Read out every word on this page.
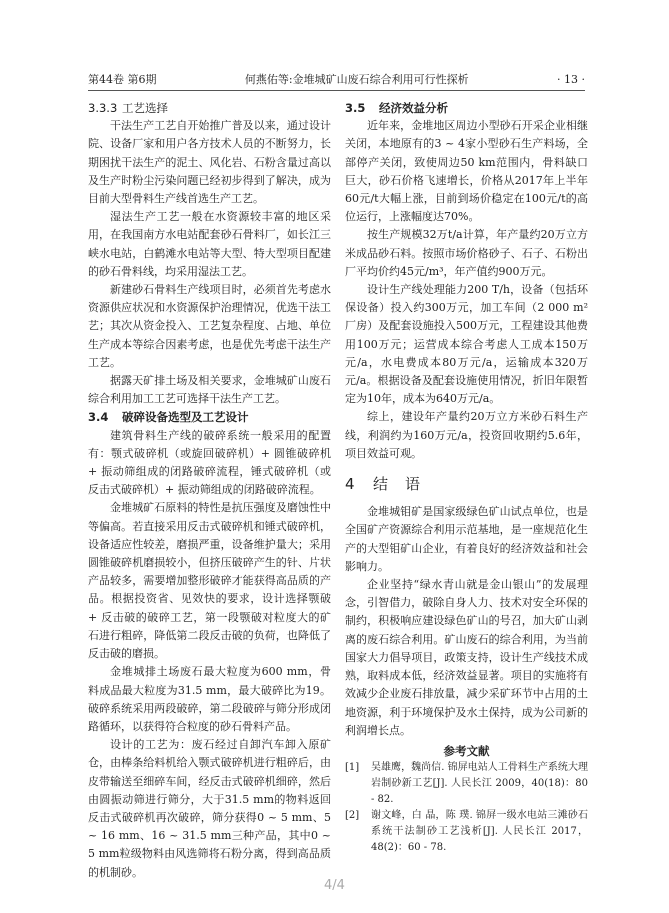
第44卷 第6期	何燕佑等:金堆城矿山废石综合利用可行性探析	· 13 ·
3.3.3 工艺选择

干法生产工艺自开始推广普及以来，通过设计院、设备厂家和用户各方技术人员的不断努力，长期困扰干法生产的泥土、风化岩、石粉含量过高以及生产时粉尘污染问题已经初步得到了解决，成为目前大型骨料生产线首选生产工艺。

湿法生产工艺一般在水资源较丰富的地区采用，在我国南方水电站配套砂石骨料厂，如长江三峡水电站，白鹤滩水电站等大型、特大型项目配建的砂石骨料线，均采用湿法工艺。

新建砂石骨料生产线项目时，必须首先考虑水资源供应状况和水资源保护治理情况，优选干法工艺；其次从资金投入、工艺复杂程度、占地、单位生产成本等综合因素考虑，也是优先考虑干法生产工艺。

据露天矿排土场及相关要求，金堆城矿山废石综合利用加工工艺可选择干法生产工艺。

3.4 破碎设备选型及工艺设计

建筑骨料生产线的破碎系统一般采用的配置有：颚式破碎机（或旋回破碎机）+ 圆锥破碎机 + 振动筛组成的闭路破碎流程，锤式破碎机（或反击式破碎机）+ 振动筛组成的闭路破碎流程。

金堆城矿石原料的特性是抗压强度及磨蚀性中等偏高。若直接采用反击式破碎机和锤式破碎机，设备适应性较差，磨损严重，设备维护量大；采用圆锥破碎机磨损较小，但挤压破碎产生的针、片状产品较多，需要增加整形破碎才能获得高品质的产品。根据投资省、见效快的要求，设计选择颚破 + 反击破的破碎工艺，第一段颚破对粒度大的矿石进行粗碎，降低第二段反击破的负荷，也降低了反击破的磨损。

金堆城排土场废石最大粒度为600 mm，骨料成品最大粒度为31.5 mm，最大破碎比为19。破碎系统采用两段破碎，第二段破碎与筛分形成闭路循环，以获得符合粒度的砂石骨料产品。

设计的工艺为：废石经过自卸汽车卸入原矿仓，由棒条给料机给入颚式破碎机进行粗碎后，由皮带输送至细碎车间，经反击式破碎机细碎，然后由圆振动筛进行筛分，大于31.5 mm的物料返回反击式破碎机再次破碎，筛分获得0 ~ 5 mm、5 ~ 16 mm、16 ~ 31.5 mm三种产品，其中0 ~ 5 mm粒级物料由风选筛将石粉分离，得到高品质的机制砂。

3.5 经济效益分析

近年来，金堆地区周边小型砂石开采企业相继关闭，本地原有的3 ~ 4家小型砂石生产料场，全部停产关闭，致使周边50 km范围内，骨料缺口巨大，砂石价格飞速增长，价格从2017年上半年60元/t大幅上涨，目前到场价稳定在100元/t的高位运行，上涨幅度达70%。

按生产规模32万t/a计算，年产量约20万立方米成品砂石料。按照市场价格砂子、石子、石粉出厂平均价约45元/m³，年产值约900万元。

设计生产线处理能力200 T/h，设备（包括环保设备）投入约300万元，加工车间（2 000 m² 厂房）及配套设施投入500万元，工程建设其他费用100万元；运营成本综合考虑人工成本150万元/a，水电费成本80万元/a，运输成本320万元/a。根据设备及配套设施使用情况，折旧年限暂定为10年，成本为640万元/a。

综上，建设年产量约20万立方米砂石料生产线，利润约为160万元/a，投资回收期约5.6年，项目效益可观。

4 结　语

金堆城钼矿是国家级绿色矿山试点单位，也是全国矿产资源综合利用示范基地，是一座规范化生产的大型钼矿山企业，有着良好的经济效益和社会影响力。

企业坚持“绿水青山就是金山银山”的发展理念，引智借力，破除自身人力、技术对安全环保的制约，积极响应建设绿色矿山的号召，加大矿山剥离的废石综合利用。矿山废石的综合利用，为当前国家大力倡导项目，政策支持，设计生产线技术成熟，取料成本低，经济效益显著。项目的实施将有效减少企业废石排放量，减少采矿环节中占用的土地资源，利于环境保护及水土保持，成为公司新的利润增长点。

参考文献
[1]	吴雄鹰，魏尚信. 锦屏电站人工骨料生产系统大理岩制砂新工艺[J]. 人民长江 2009，40(18)：80 - 82.
[2]	谢文峰，白 晶，陈 璞. 锦屏一级水电站三滩砂石系统干法制砂工艺浅析[J]. 人民长江 2017，48(2)：60 - 78.
4/4
